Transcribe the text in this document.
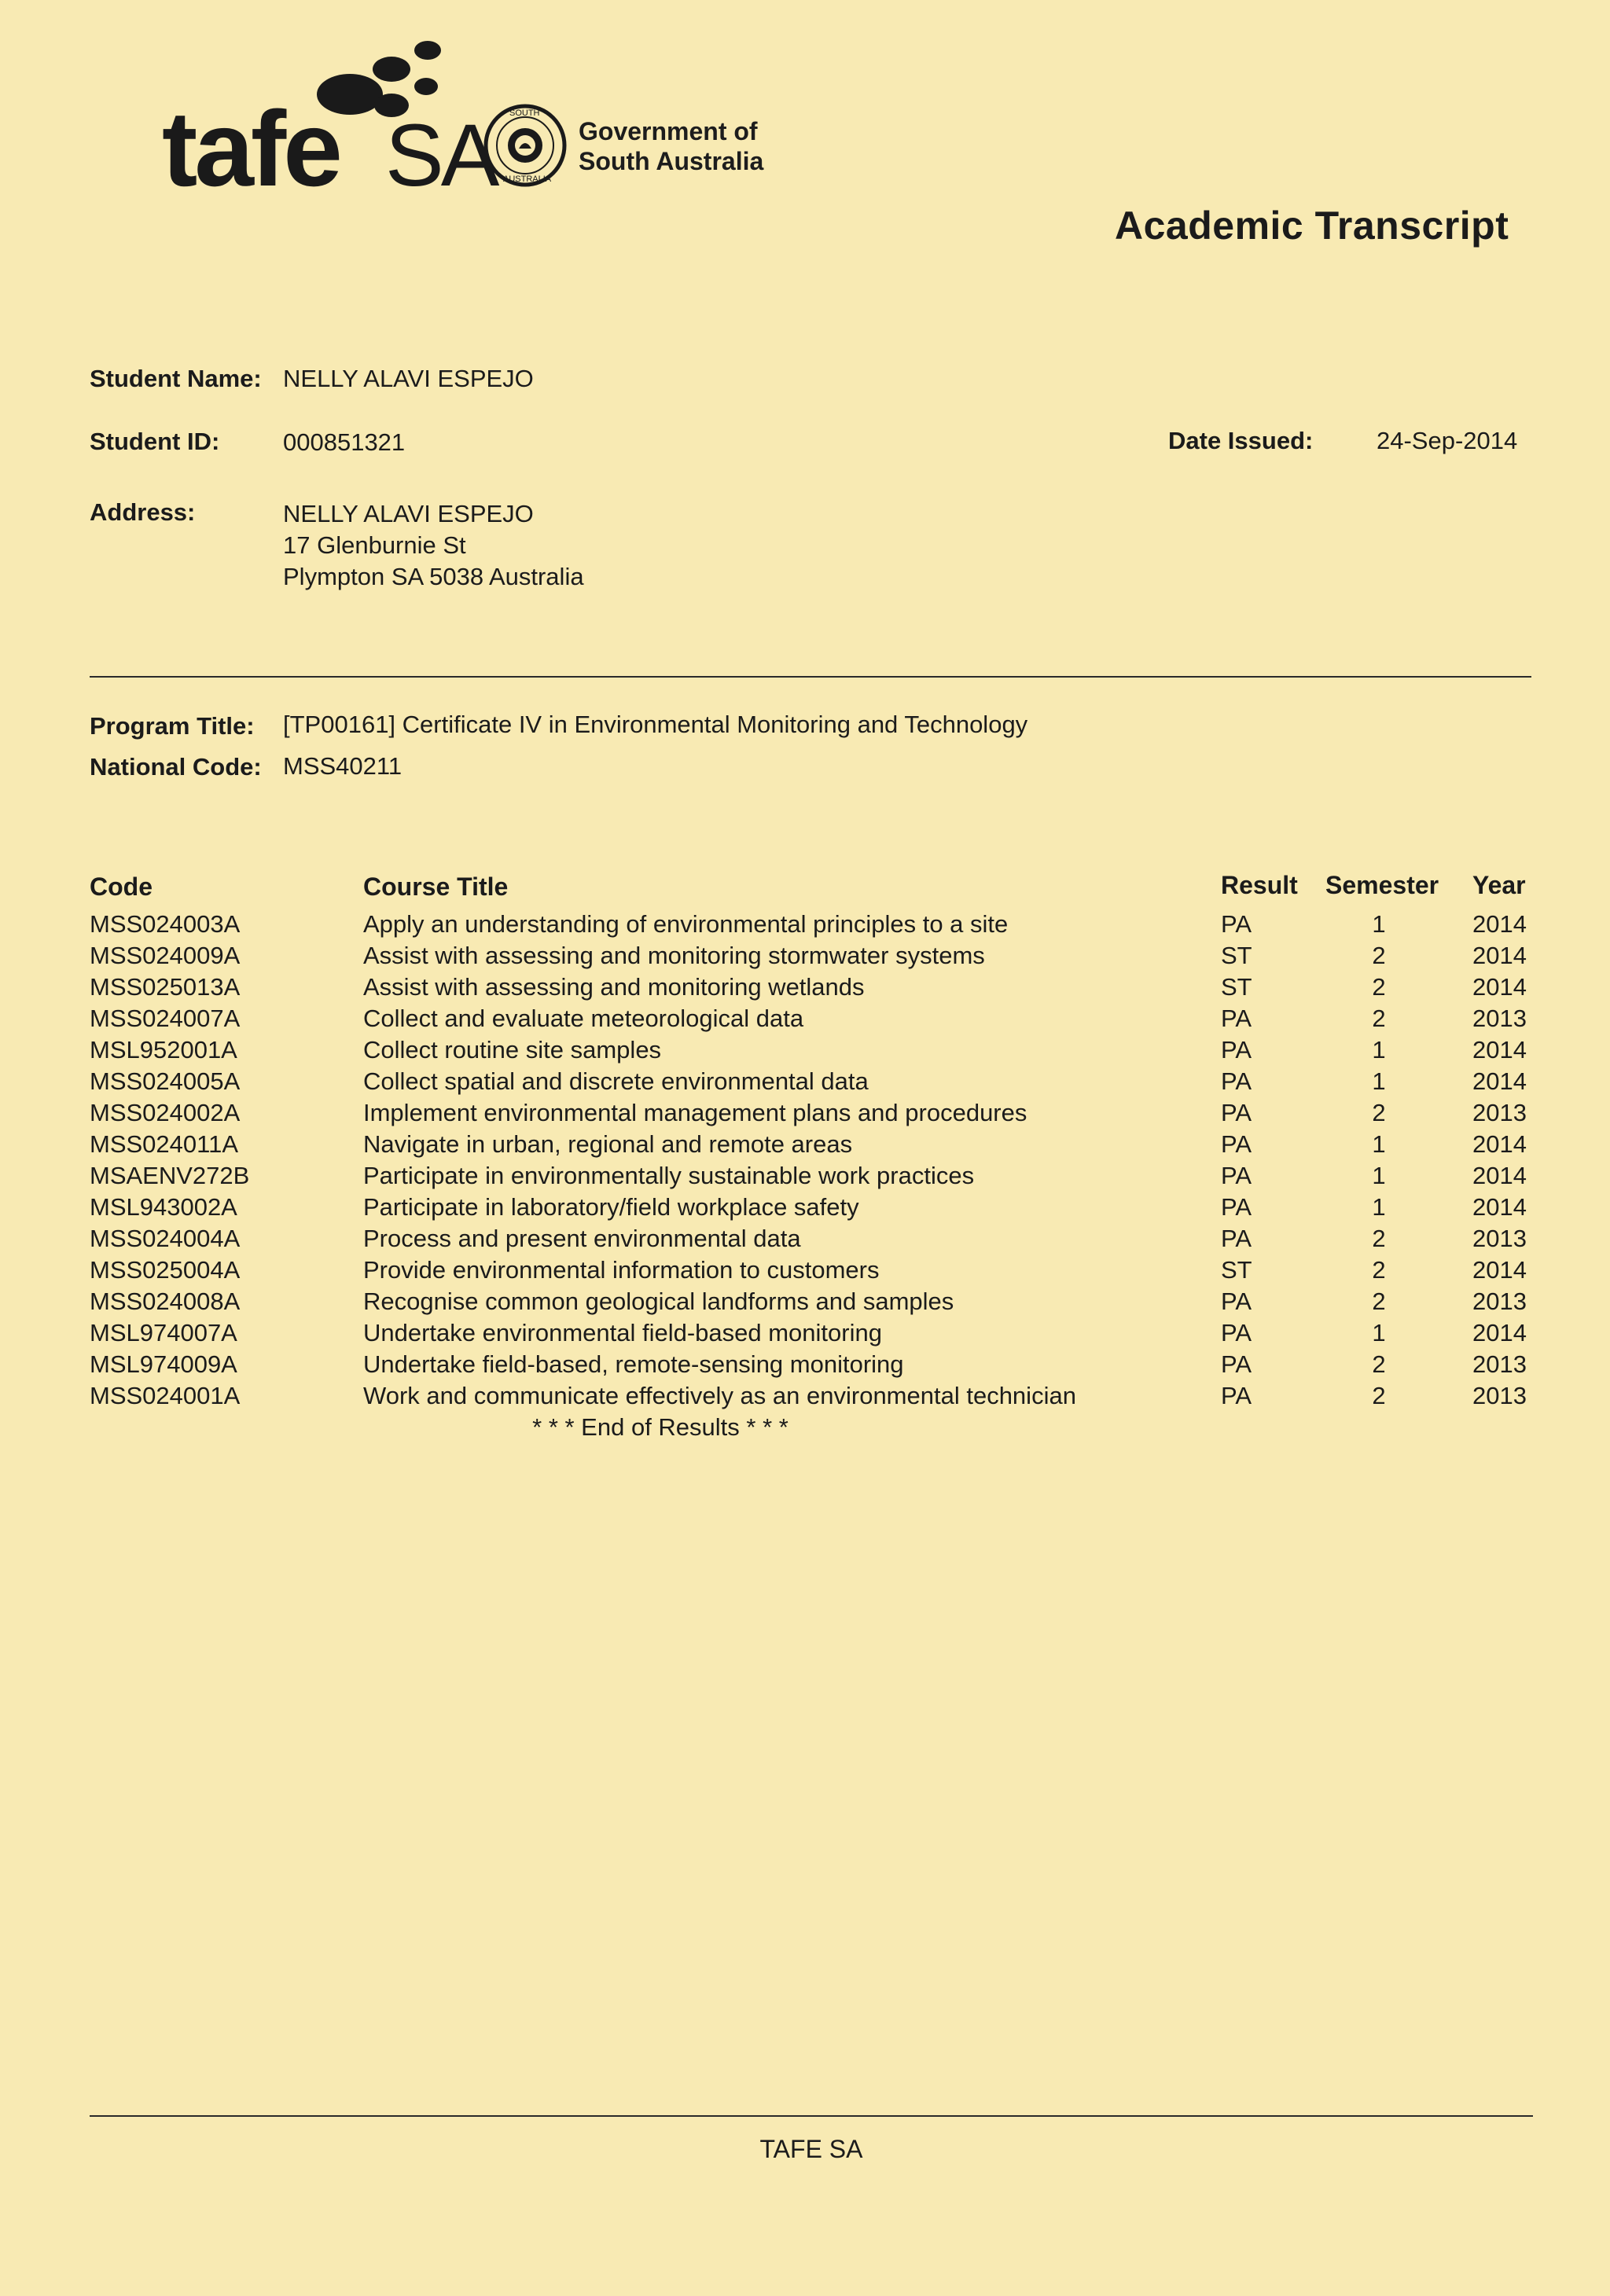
tafe SA	SOUTH
AUSTRALIA
Government of
South Australia
Academic Transcript
Student Name: NELLY ALAVI ESPEJO
Student ID:	000851321	Date Issued:	24-Sep-2014
Address:	NELLY ALAVI ESPEJO
17 Glenburnie St
Plympton SA 5038 Australia
Program Title: [TP00161] Certificate IV in Environmental Monitoring and Technology
National Code: MSS40211
Code	Course Title	Result Semester Year
MSS024003A	Apply an understanding of environmental principles to a site	PA	1	2014
MSS024009A	Assist with assessing and monitoring stormwater systems	ST	2	2014
MSS025013A	Assist with assessing and monitoring wetlands	ST	2	2014
MSS024007A	Collect and evaluate meteorological data	PA	2	2013
MSL952001A	Collect routine site samples	PA	1	2014
MSS024005A	Collect spatial and discrete environmental data	PA	1	2014
MSS024002A	Implement environmental management plans and procedures	PA	2	2013
MSS024011A	Navigate in urban, regional and remote areas	PA	1	2014
MSAENV272B	Participate in environmentally sustainable work practices	PA	1	2014
MSL943002A	Participate in laboratory/field workplace safety	PA	1	2014
MSS024004A	Process and present environmental data	PA	2	2013
MSS025004A	Provide environmental information to customers	ST	2	2014
MSS024008A	Recognise common geological landforms and samples	PA	2	2013
MSL974007A	Undertake environmental field-based monitoring	PA	1	2014
MSL974009A	Undertake field-based, remote-sensing monitoring	PA	2	2013
MSS024001A	Work and communicate effectively as an environmental technician	PA	2	2013
* * * End of Results * * *
TAFE SA
